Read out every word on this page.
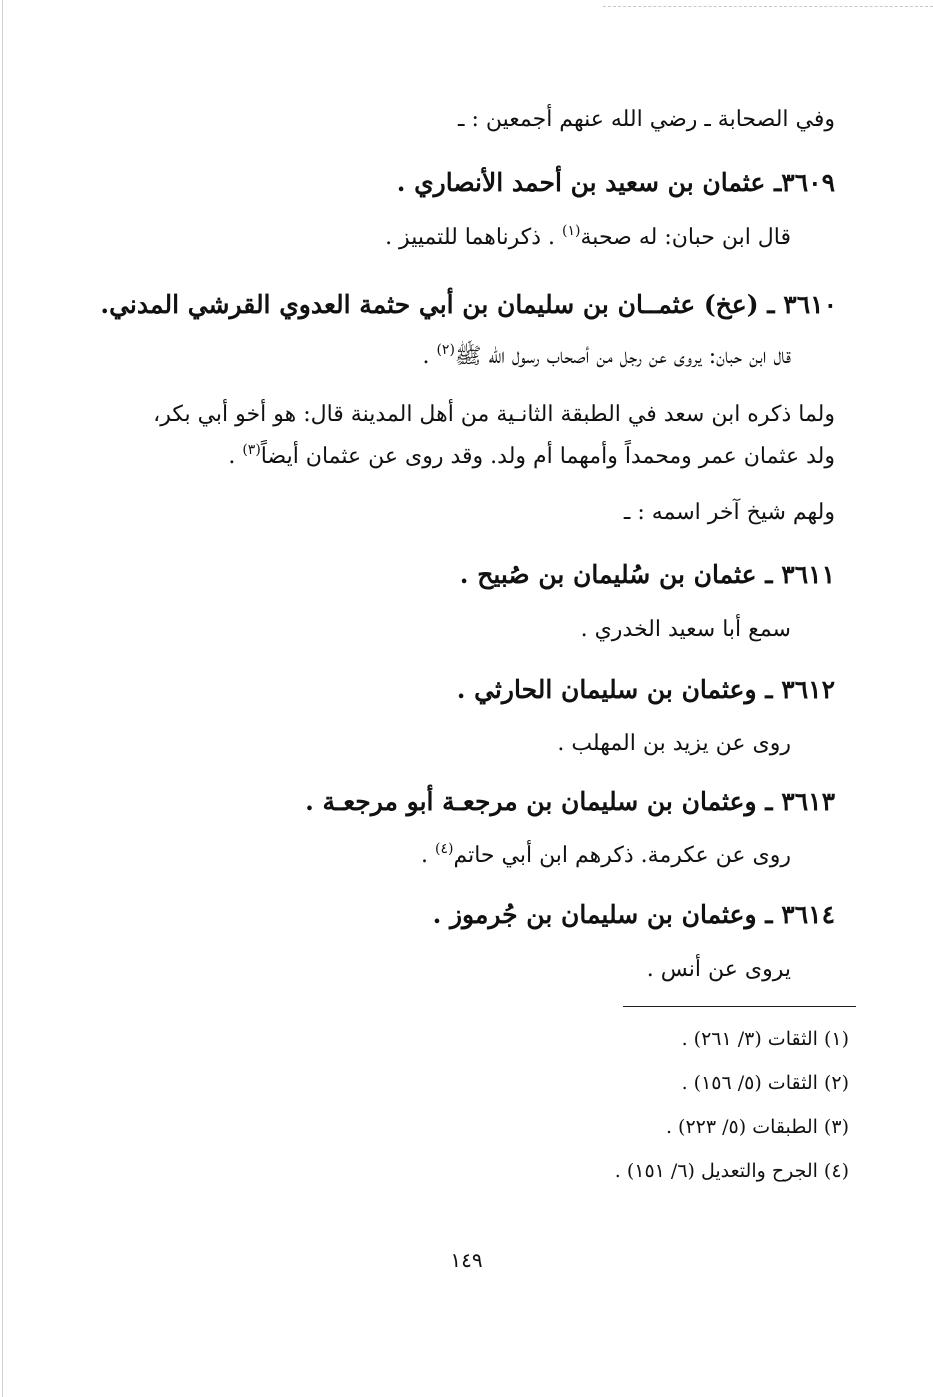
وفي الصحابة ـ رضي الله عنهم أجمعين : ـ
٣٦٠٩ـ عثمان بن سعيد بن أحمد الأنصاري .
قال ابن حبان: له صحبة$^{(١)}$ . ذكرناهما للتمييز .
٣٦١٠ ـ (عخ) عثمــان بن سليمان بن أبي حثمة العدوي القرشي المدني.
قال ابن حبان: يروى عن رجل من أصحاب رسول الله ﷺ$^{(٢)}$ .
ولما ذكره ابن سعد في الطبقة الثانـية من أهل المدينة قال: هو أخو أبي بكر،
ولد عثمان عمر ومحمداً وأمهما أم ولد. وقد روى عن عثمان أيضاً$^{(٣)}$ .
ولهم شيخ آخر اسمه : ـ
٣٦١١ ـ عثمان بن سُليمان بن صُبيح .
سمع أبا سعيد الخدري .
٣٦١٢ ـ وعثمان بن سليمان الحارثي .
روى عن يزيد بن المهلب .
٣٦١٣ ـ وعثمان بن سليمان بن مرجعـة أبو مرجعـة .
روى عن عكرمة. ذكرهم ابن أبي حاتم$^{(٤)}$ .
٣٦١٤ ـ وعثمان بن سليمان بن جُرموز .
يروى عن أنس .
(١) الثقات (٣/ ٢٦١) .
(٢) الثقات (٥/ ١٥٦) .
(٣) الطبقات (٥/ ٢٢٣) .
(٤) الجرح والتعديل (٦/ ١٥١) .
١٤٩
